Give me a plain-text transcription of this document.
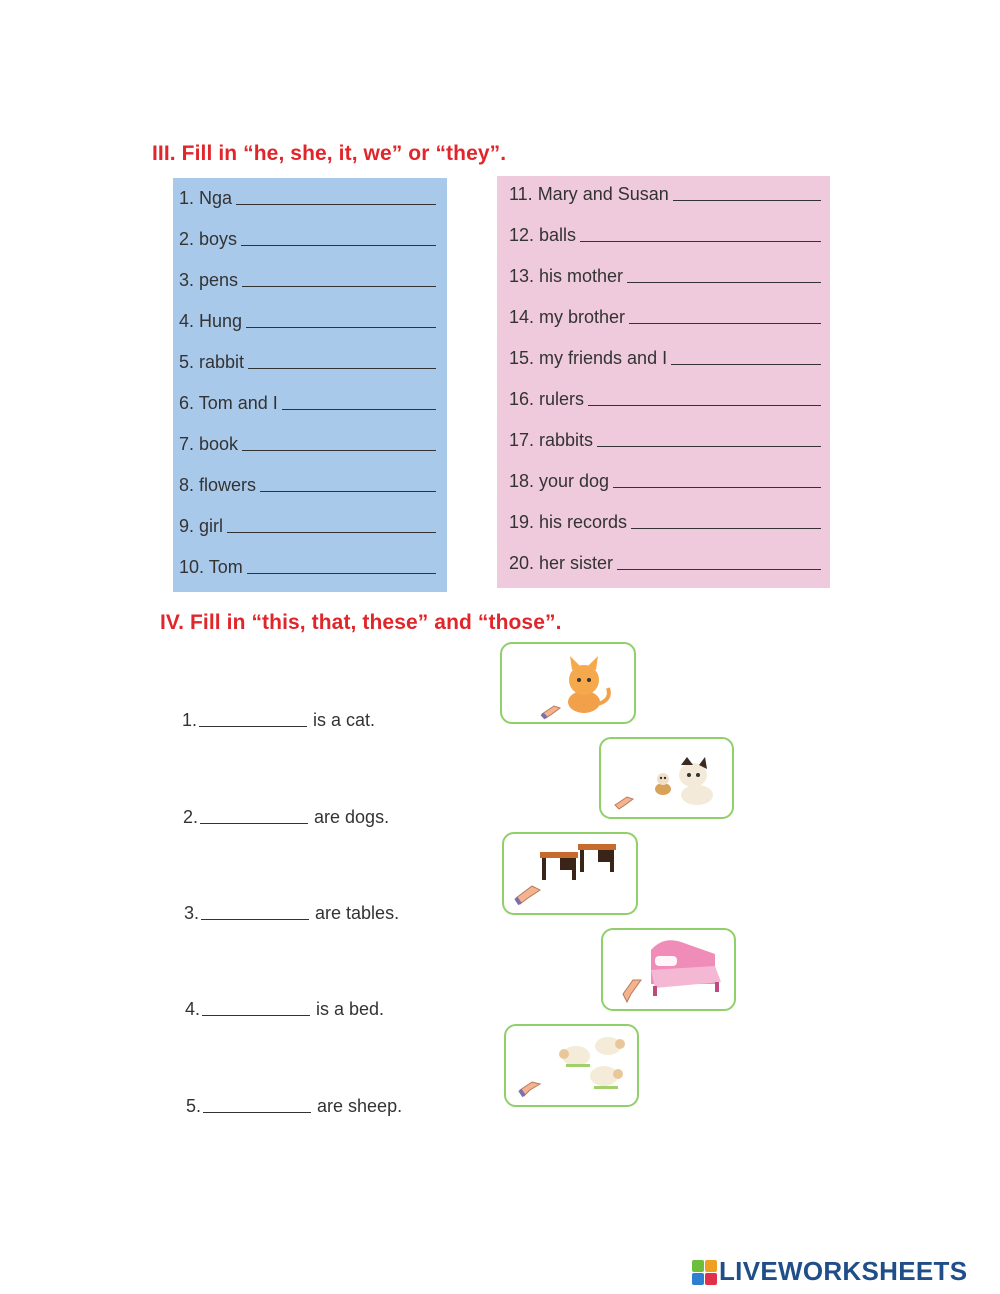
III. Fill in “he, she, it, we” or “they”.
1. Nga
2. boys
3. pens
4. Hung
5. rabbit
6. Tom and I
7. book
8. flowers
9. girl
10. Tom
11. Mary and Susan
12. balls
13. his mother
14. my brother
15. my friends and I
16. rulers
17. rabbits
18. your dog
19. his records
20. her sister
IV. Fill in “this, that, these” and “those”.
1.	is a cat.
2.	are dogs.
3.	are tables.
4.	is a bed.
5.	are sheep.
LIVEWORKSHEETS
